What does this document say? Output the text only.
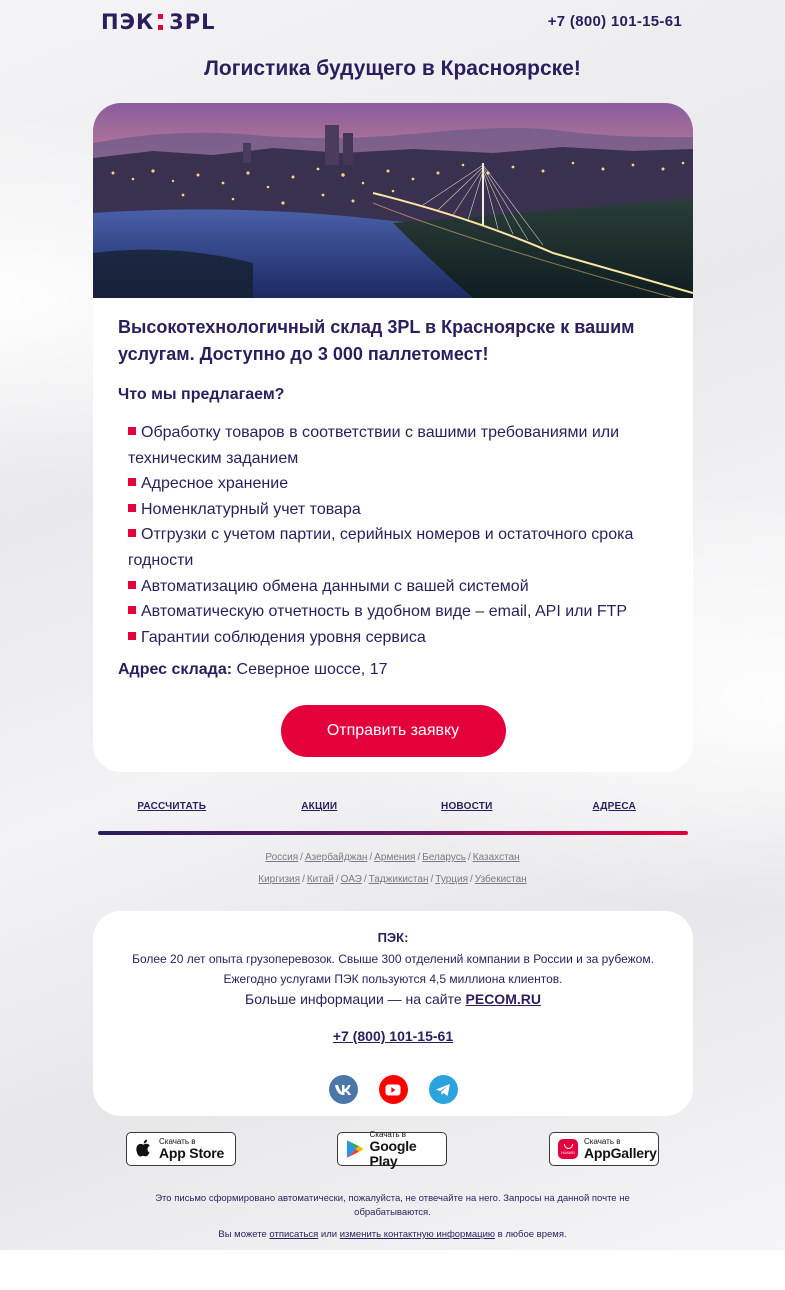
ПЭК 3PL	+7 (800) 101-15-61
Логистика будущего в Красноярске!
Высокотехнологичный склад 3PL в Красноярске к вашим услугам. Доступно до 3 000 паллетомест!
Что мы предлагаем?
Обработку товаров в соответствии с вашими требованиями или техническим заданием
Адресное хранение
Номенклатурный учет товара
Отгрузки с учетом партии, серийных номеров и остаточного срока годности
Автоматизацию обмена данными с вашей системой
Автоматическую отчетность в удобном виде – email, API или FTP
Гарантии соблюдения уровня сервиса
Адрес склада: Северное шоссе, 17
Отправить заявку
РАССЧИТАТЬ	АКЦИИ	НОВОСТИ	АДРЕСА
Россия / Азербайджан / Армения / Беларусь / Казахстан
Киргизия / Китай / ОАЭ / Таджикистан / Турция / Узбекистан
ПЭК:
Более 20 лет опыта грузоперевозок. Свыше 300 отделений компании в России и за рубежом.
Ежегодно услугами ПЭК пользуются 4,5 миллиона клиентов.
Больше информации — на сайте PECOM.RU
+7 (800) 101-15-61
Скачать в
App Store
Скачать в
Google Play	HUAWEI
Скачать в
AppGallery
Это письмо сформировано автоматически, пожалуйста, не отвечайте на него. Запросы на данной почте не обрабатываются.
Вы можете отписаться или изменить контактную информацию в любое время.
